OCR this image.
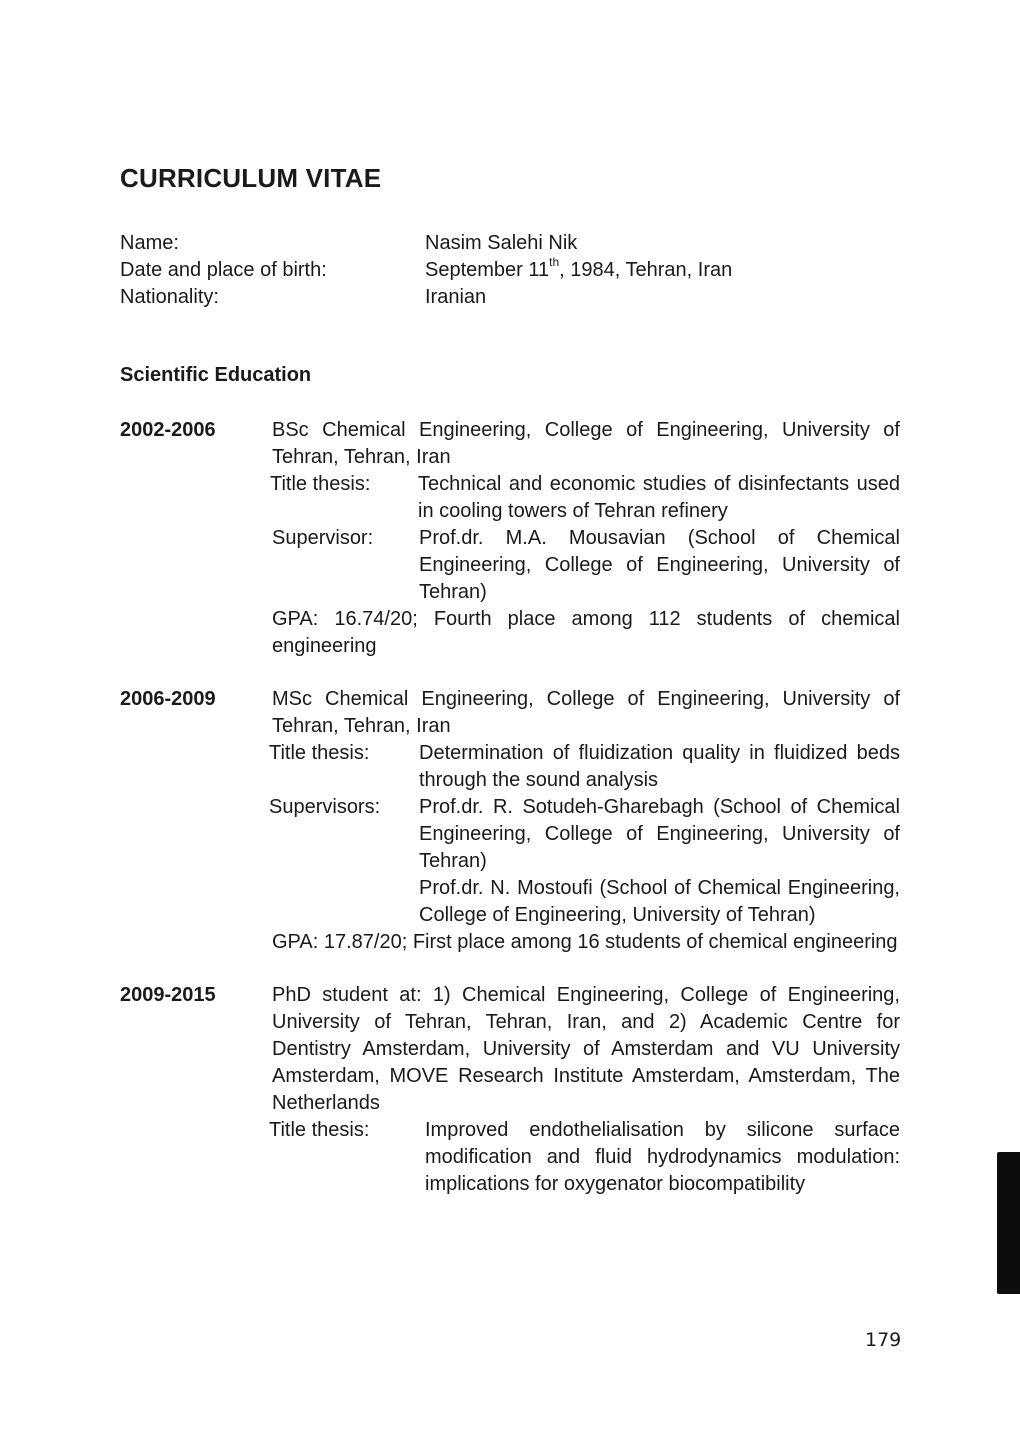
CURRICULUM VITAE
Name:	Nasim Salehi Nik
Date and place of birth:	September 11th, 1984, Tehran, Iran
Nationality:	Iranian
Scientific Education
2002-2006	BSc Chemical Engineering, College of Engineering, University of Tehran, Tehran, Iran
Title thesis:	Technical and economic studies of disinfectants used in cooling towers of Tehran refinery
Supervisor:	Prof.dr. M.A. Mousavian (School of Chemical Engineering, College of Engineering, University of Tehran)
GPA: 16.74/20; Fourth place among 112 students of chemical engineering
2006-2009	MSc Chemical Engineering, College of Engineering, University of Tehran, Tehran, Iran
Title thesis:	Determination of fluidization quality in fluidized beds through the sound analysis
Supervisors:	Prof.dr. R. Sotudeh-Gharebagh (School of Chemical Engineering, College of Engineering, University of Tehran)
Prof.dr. N. Mostoufi (School of Chemical Engineering, College of Engineering, University of Tehran)
GPA: 17.87/20; First place among 16 students of chemical engineering
2009-2015	PhD student at: 1) Chemical Engineering, College of Engineering, University of Tehran, Tehran, Iran, and 2) Academic Centre for Dentistry Amsterdam, University of Amsterdam and VU University Amsterdam, MOVE Research Institute Amsterdam, Amsterdam, The Netherlands
Title thesis:	Improved endothelialisation by silicone surface modification and fluid hydrodynamics modulation: implications for oxygenator biocompatibility
179
